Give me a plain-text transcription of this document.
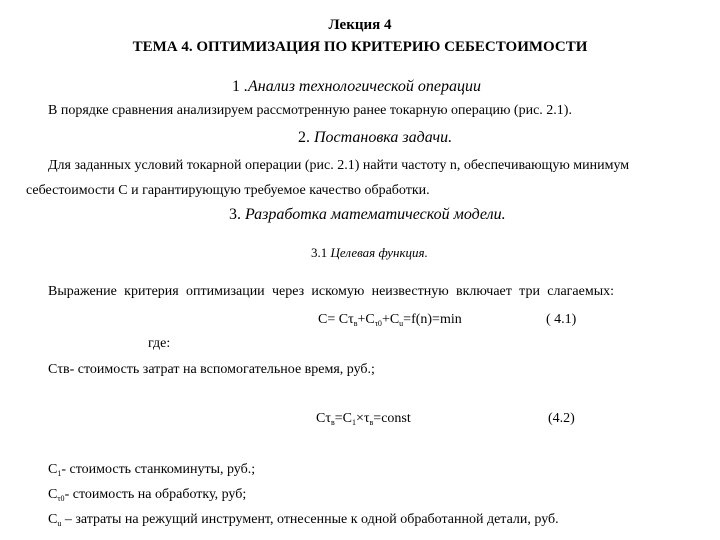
Лекция 4
ТЕМА 4. ОПТИМИЗАЦИЯ ПО КРИТЕРИЮ СЕБЕСТОИМОСТИ
1 .Анализ технологической операции
В порядке сравнения анализируем рассмотренную ранее токарную операцию (рис. 2.1).
2. Постановка задачи.
Для заданных условий токарной операции (рис. 2.1) найти частоту n, обеспечивающую минимум
себестоимости С и гарантирующую требуемое качество обработки.
3. Разработка математической модели.
3.1 Целевая функция.
Выражение критерия оптимизации через искомую неизвестную включает три слагаемых:
$C= C\tau_в+C_{\tau 0}+C_u=f(n)=\min$	( 4.1)
где:
Cτв- стоимость затрат на вспомогательное время, руб.;
$C\tau_в=C_1\times\tau_в=const$	(4.2)
$C_1-$ стоимость станкоминуты, руб.;
$C_{\tau 0}-$ стоимость на обработку, руб;
$C_u$ – затраты на режущий инструмент, отнесенные к одной обработанной детали, руб.
